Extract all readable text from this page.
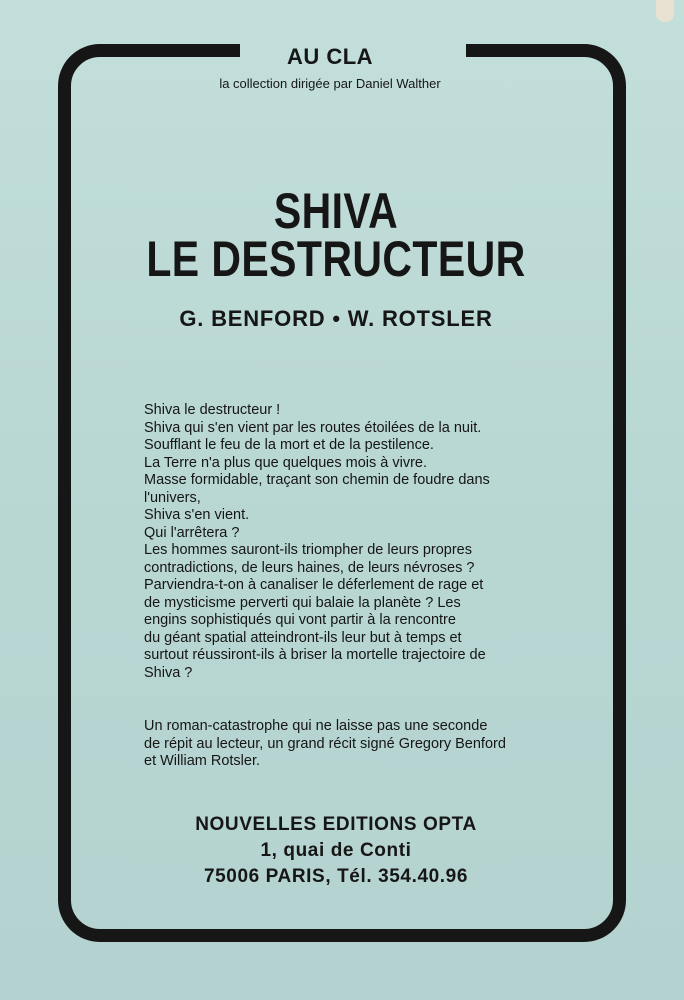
AU CLA
la collection dirigée par Daniel Walther
SHIVA
LE DESTRUCTEUR
G. BENFORD • W. ROTSLER
Shiva le destructeur !
Shiva qui s'en vient par les routes étoilées de la nuit.
Soufflant le feu de la mort et de la pestilence.
La Terre n'a plus que quelques mois à vivre.
Masse formidable, traçant son chemin de foudre dans
l'univers,
Shiva s'en vient.
Qui l'arrêtera ?
Les hommes sauront-ils triompher de leurs propres
contradictions, de leurs haines, de leurs névroses ?
Parviendra-t-on à canaliser le déferlement de rage et
de mysticisme perverti qui balaie la planète ? Les
engins sophistiqués qui vont partir à la rencontre
du géant spatial atteindront-ils leur but à temps et
surtout réussiront-ils à briser la mortelle trajectoire de
Shiva ?
Un roman-catastrophe qui ne laisse pas une seconde
de répit au lecteur, un grand récit signé Gregory Benford
et William Rotsler.
NOUVELLES EDITIONS OPTA
1, quai de Conti
75006 PARIS, Tél. 354.40.96
